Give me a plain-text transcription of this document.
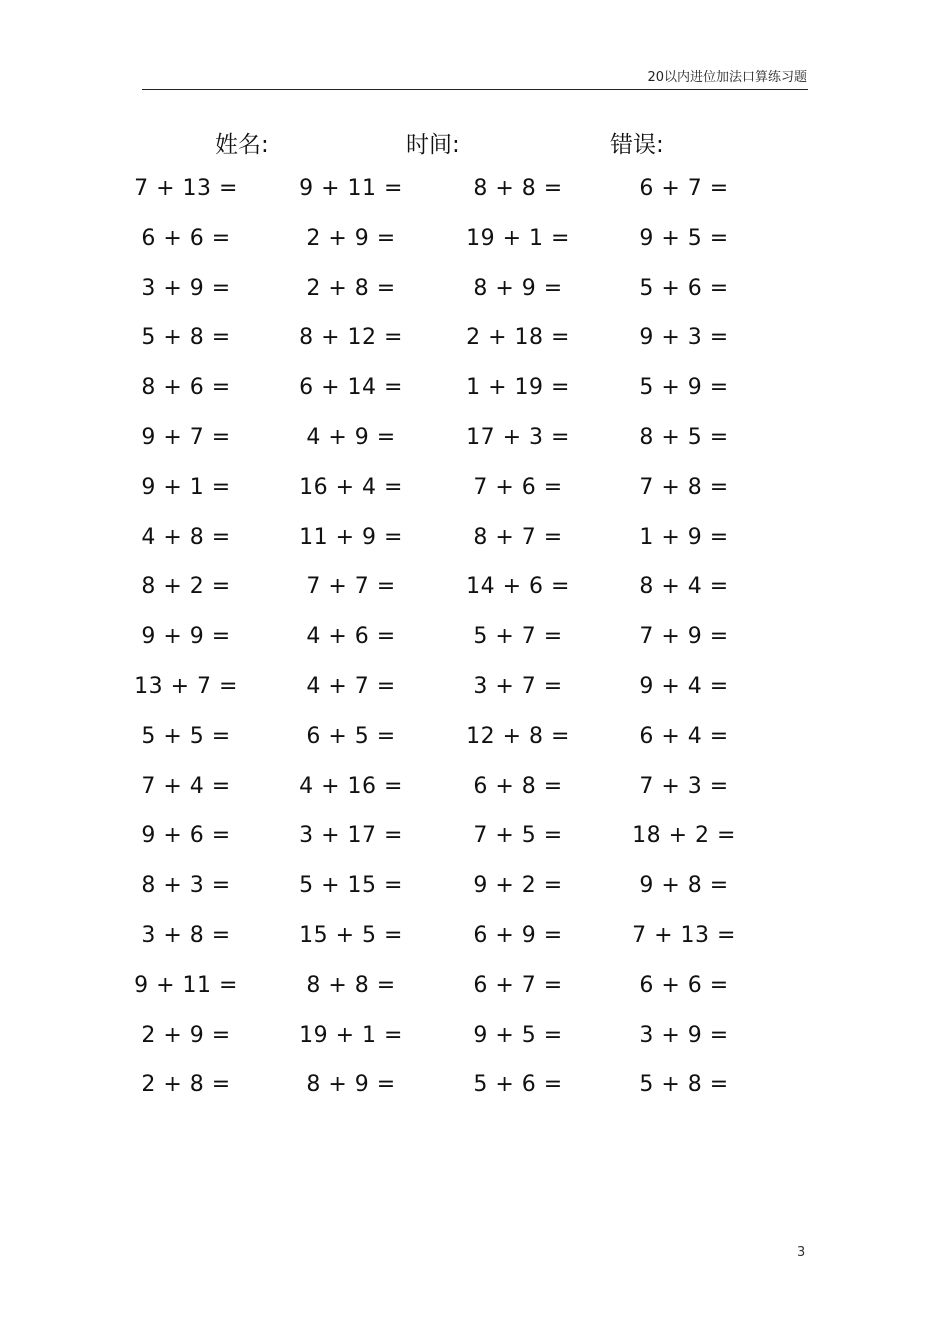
20以内进位加法口算练习题
姓名:	时间:	错误:
7 + 13 =	9 + 11 =	8 + 8 =	6 + 7 =
6 + 6 =	2 + 9 =	19 + 1 =	9 + 5 =
3 + 9 =	2 + 8 =	8 + 9 =	5 + 6 =
5 + 8 =	8 + 12 =	2 + 18 =	9 + 3 =
8 + 6 =	6 + 14 =	1 + 19 =	5 + 9 =
9 + 7 =	4 + 9 =	17 + 3 =	8 + 5 =
9 + 1 =	16 + 4 =	7 + 6 =	7 + 8 =
4 + 8 =	11 + 9 =	8 + 7 =	1 + 9 =
8 + 2 =	7 + 7 =	14 + 6 =	8 + 4 =
9 + 9 =	4 + 6 =	5 + 7 =	7 + 9 =
13 + 7 =	4 + 7 =	3 + 7 =	9 + 4 =
5 + 5 =	6 + 5 =	12 + 8 =	6 + 4 =
7 + 4 =	4 + 16 =	6 + 8 =	7 + 3 =
9 + 6 =	3 + 17 =	7 + 5 =	18 + 2 =
8 + 3 =	5 + 15 =	9 + 2 =	9 + 8 =
3 + 8 =	15 + 5 =	6 + 9 =	7 + 13 =
9 + 11 =	8 + 8 =	6 + 7 =	6 + 6 =
2 + 9 =	19 + 1 =	9 + 5 =	3 + 9 =
2 + 8 =	8 + 9 =	5 + 6 =	5 + 8 =
3
